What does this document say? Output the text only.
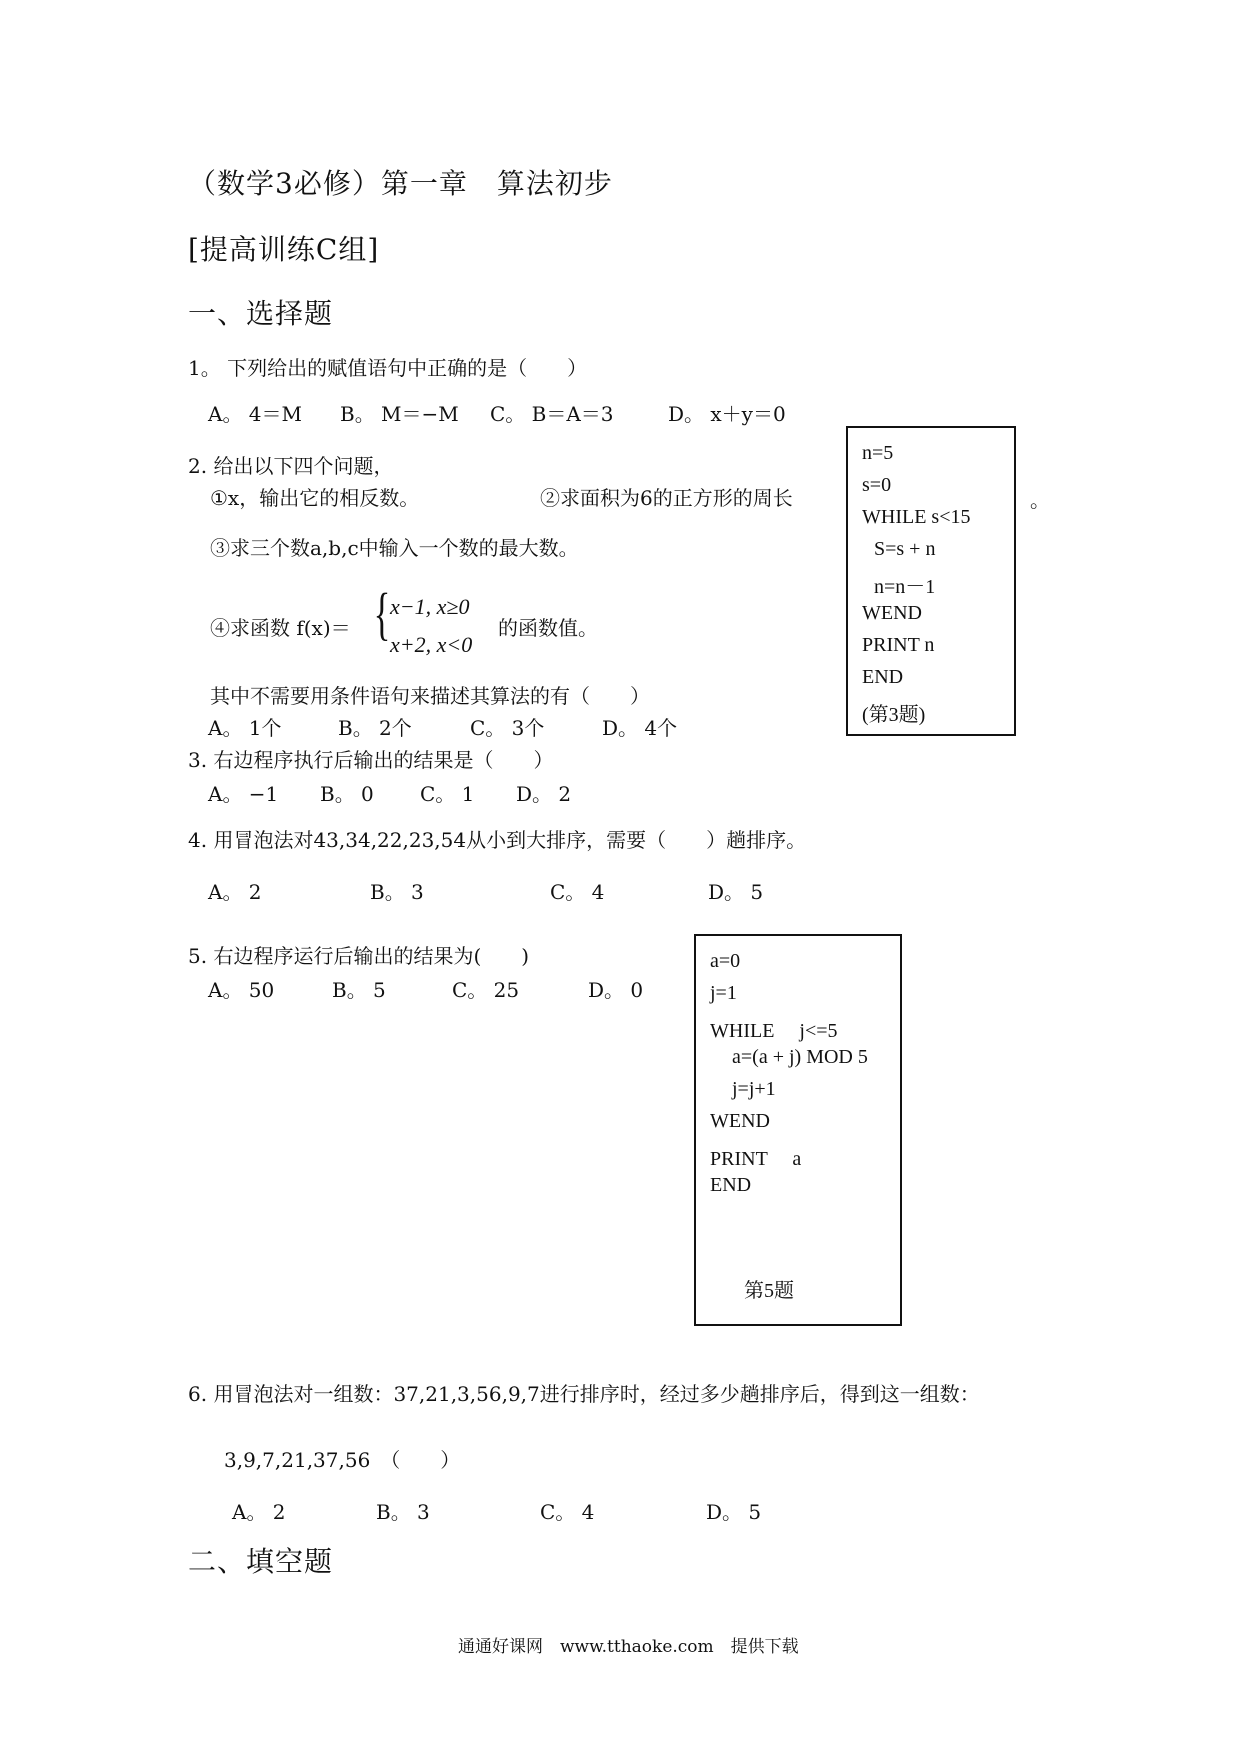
（数学3必修）第一章　算法初步
[提高训练C组]
一、选择题
1。 下列给出的赋值语句中正确的是（　　）
A。 4＝M B。 M＝−M C。 B＝A＝3	D。 x＋y＝0
2. 给出以下四个问题，
①x，输出它的相反数。	②求面积为6的正方形的周长	。
③求三个数a,b,c中输入一个数的最大数。
④求函数 f(x)＝ { x−1, x≥0
x+2, x<0
的函数值。
其中不需要用条件语句来描述其算法的有（　　）
A。 1个	B。 2个	C。 3个	D。 4个
n=5
s=0
WHILE s<15
S=s + n
n=n－1
WEND
PRINT n
END
(第3题)
3. 右边程序执行后输出的结果是（　　）
A。 −1 B。 0 C。 1 D。 2
4. 用冒泡法对43,34,22,23,54从小到大排序，需要（　　）趟排序。
A。 2	B。 3	C。 4	D。 5
5. 右边程序运行后输出的结果为(　　)
A。 50	B。 5	C。 25	D。 0
a=0
j=1
WHILE　 j<=5
a=(a + j) MOD 5
j=j+1
WEND
PRINT　 a
END
第5题
6. 用冒泡法对一组数：37,21,3,56,9,7进行排序时，经过多少趟排序后，得到这一组数：
3,9,7,21,37,56　（　　）
A。 2	B。 3	C。 4	D。 5
二、填空题
通通好课网　www.tthaoke.com　提供下载
